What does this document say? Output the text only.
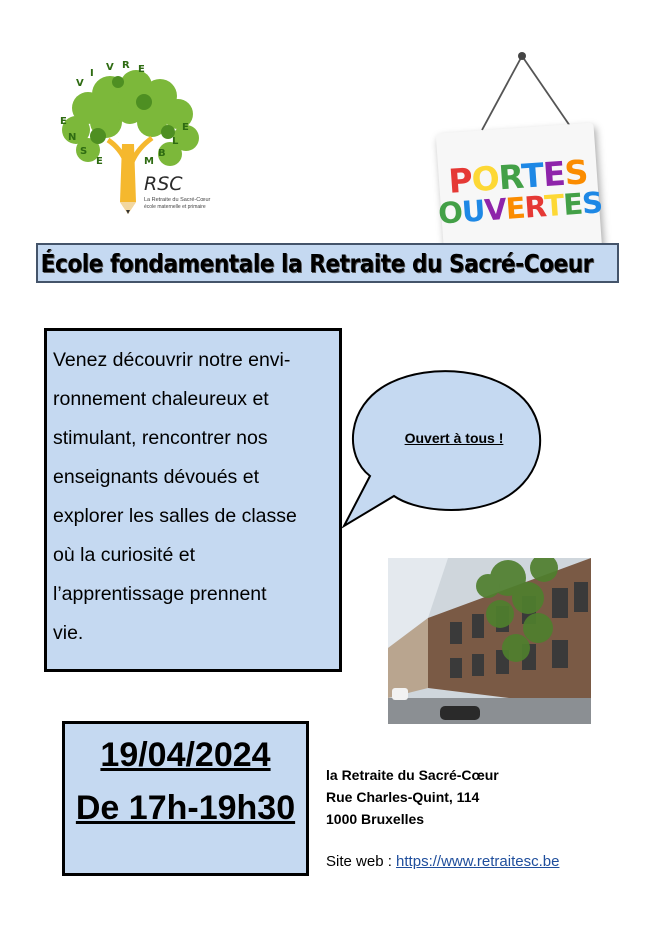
V
I
V R E
E
N
S
E	M
B
L
E
RSC
La Retraite du Sacré-Cœur
école maternelle et primaire
PORTES
OUVERTES
École fondamentale la Retraite du Sacré-Coeur
Venez découvrir notre envi-
ronnement chaleureux et
stimulant, rencontrer nos
enseignants dévoués et
explorer les salles de classe
où la curiosité et
l’apprentissage prennent
vie.
Ouvert à tous !
19/04/2024
De 17h-19h30
la Retraite du Sacré-Cœur
Rue Charles-Quint, 114
1000 Bruxelles
Site web : https://www.retraitesc.be
